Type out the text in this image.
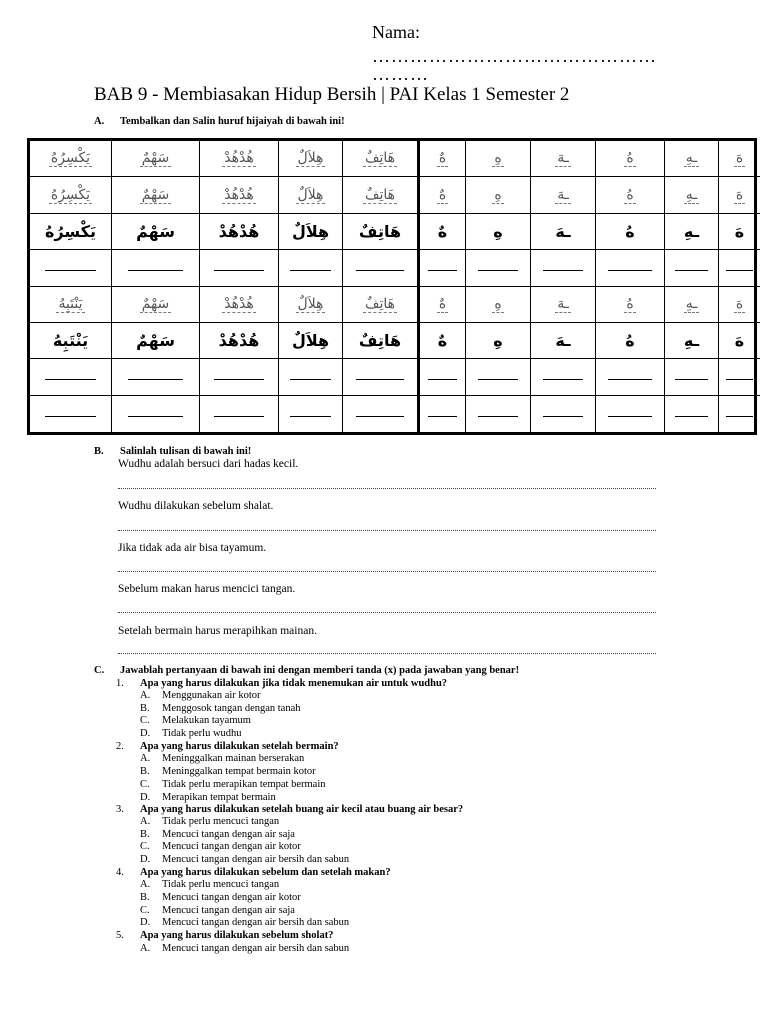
Nama:
………………………………………
………
BAB 9 - Membiasakan Hidup Bersih | PAI Kelas 1 Semester 2
A. Tembalkan dan Salin huruf hijaiyah di bawah ini!
يَكْسِرُهُ	سَهْمٌ	هُدْهُدْ	هِلاَلٌ	هَاتِفٌ	هٌ	هِ	ـهَ	هُ	ـهِ	هَ
يَكْسِرُهُ	سَهْمٌ	هُدْهُدْ	هِلاَلٌ	هَاتِفٌ	هٌ	هِ	ـهَ	هُ	ـهِ	هَ
يَكْسِرُهُ	سَهْمٌ	هُدْهُدْ	هِلاَلٌ	هَاتِفٌ	هٌ	هِ	ـهَ	هُ	ـهِ	هَ
يَنْتَبِهُ	سَهْمٌ	هُدْهُدْ	هِلاَلٌ	هَاتِفٌ	هٌ	هِ	ـهَ	هُ	ـهِ	هَ
يَنْتَبِهُ	سَهْمٌ	هُدْهُدْ	هِلاَلٌ	هَاتِفٌ	هٌ	هِ	ـهَ	هُ	ـهِ	هَ
B. Salinlah tulisan di bawah ini!
Wudhu adalah bersuci dari hadas kecil.
Wudhu dilakukan sebelum shalat.
Jika tidak ada air bisa tayamum.
Sebelum makan harus mencici tangan.
Setelah bermain harus merapihkan mainan.
C. Jawablah pertanyaan di bawah ini dengan memberi tanda (x) pada jawaban yang benar!
1. Apa yang harus dilakukan jika tidak menemukan air untuk wudhu?
A. Menggunakan air kotor
B. Menggosok tangan dengan tanah
C. Melakukan tayamum
D. Tidak perlu wudhu
2. Apa yang harus dilakukan setelah bermain?
A. Meninggalkan mainan berserakan
B. Meninggalkan tempat bermain kotor
C. Tidak perlu merapikan tempat bermain
D. Merapikan tempat bermain
3. Apa yang harus dilakukan setelah buang air kecil atau buang air besar?
A. Tidak perlu mencuci tangan
B. Mencuci tangan dengan air saja
C. Mencuci tangan dengan air kotor
D. Mencuci tangan dengan air bersih dan sabun
4. Apa yang harus dilakukan sebelum dan setelah makan?
A. Tidak perlu mencuci tangan
B. Mencuci tangan dengan air kotor
C. Mencuci tangan dengan air saja
D. Mencuci tangan dengan air bersih dan sabun
5. Apa yang harus dilakukan sebelum sholat?
A. Mencuci tangan dengan air bersih dan sabun
